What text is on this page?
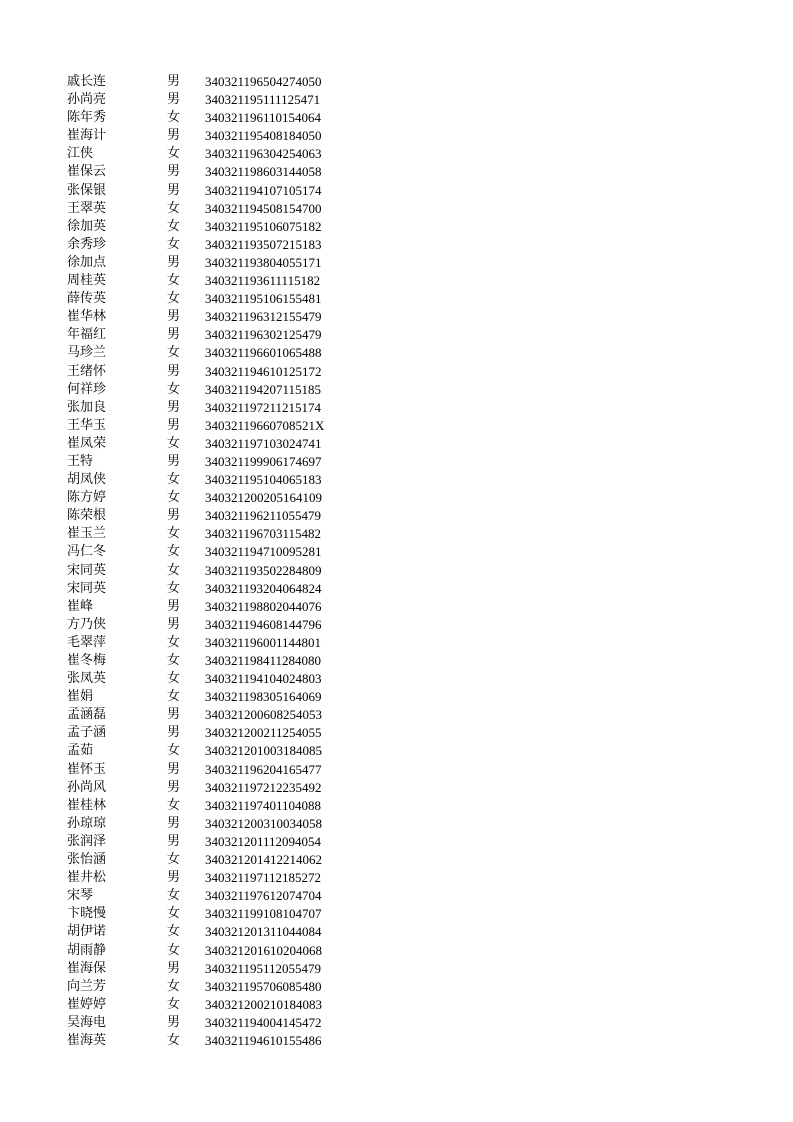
戚长连	男 340321196504274050
孙尚亮	男 340321195111125471
陈年秀	女 340321196110154064
崔海计	男 340321195408184050
江侠	女 340321196304254063
崔保云	男 340321198603144058
张保银	男 340321194107105174
王翠英	女 340321194508154700
徐加英	女 340321195106075182
余秀珍	女 340321193507215183
徐加点	男 340321193804055171
周桂英	女 340321193611115182
薛传英	女 340321195106155481
崔华林	男 340321196312155479
年福红	男 340321196302125479
马珍兰	女 340321196601065488
王绪怀	男 340321194610125172
何祥珍	女 340321194207115185
张加良	男 340321197211215174
王华玉	男 34032119660708521X
崔凤荣	女 340321197103024741
王特	男 340321199906174697
胡凤侠	女 340321195104065183
陈方婷	女 340321200205164109
陈荣根	男 340321196211055479
崔玉兰	女 340321196703115482
冯仁冬	女 340321194710095281
宋同英	女 340321193502284809
宋同英	女 340321193204064824
崔峰	男 340321198802044076
方乃侠	男 340321194608144796
毛翠萍	女 340321196001144801
崔冬梅	女 340321198411284080
张凤英	女 340321194104024803
崔娟	女 340321198305164069
孟涵磊	男 340321200608254053
孟子涵	男 340321200211254055
孟茹	女 340321201003184085
崔怀玉	男 340321196204165477
孙尚风	男 340321197212235492
崔桂林	女 340321197401104088
孙琼琼	男 340321200310034058
张润泽	男 340321201112094054
张怡涵	女 340321201412214062
崔井松	男 340321197112185272
宋琴	女 340321197612074704
卞晓慢	女 340321199108104707
胡伊诺	女 340321201311044084
胡雨静	女 340321201610204068
崔海保	男 340321195112055479
向兰芳	女 340321195706085480
崔婷婷	女 340321200210184083
吴海电	男 340321194004145472
崔海英	女 340321194610155486
